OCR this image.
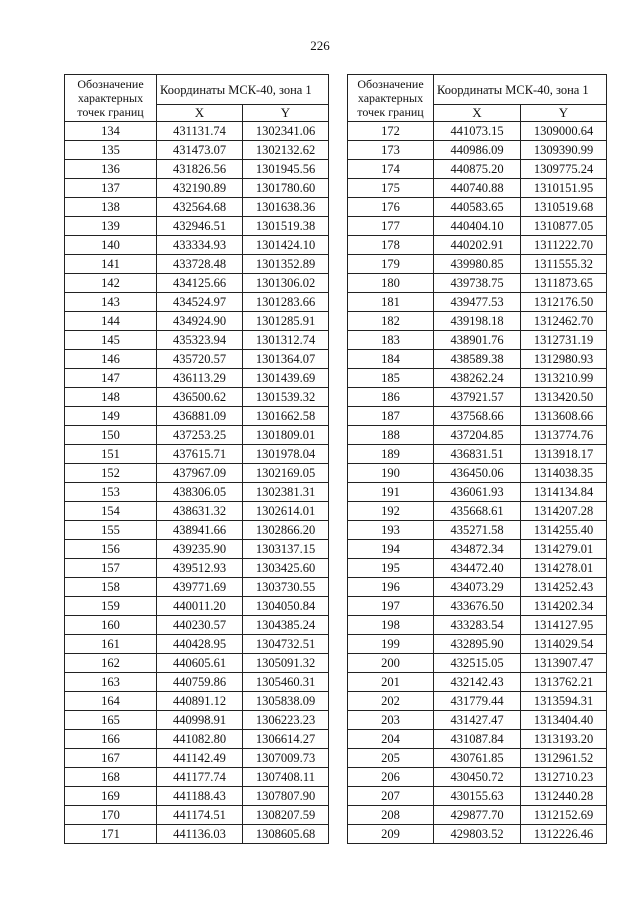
226
Обозначение характерных точек границ	Координаты МСК-40, зона 1	
	X	Y
134	431131.74	1302341.06
135	431473.07	1302132.62
136	431826.56	1301945.56
137	432190.89	1301780.60
138	432564.68	1301638.36
139	432946.51	1301519.38
140	433334.93	1301424.10
141	433728.48	1301352.89
142	434125.66	1301306.02
143	434524.97	1301283.66
144	434924.90	1301285.91
145	435323.94	1301312.74
146	435720.57	1301364.07
147	436113.29	1301439.69
148	436500.62	1301539.32
149	436881.09	1301662.58
150	437253.25	1301809.01
151	437615.71	1301978.04
152	437967.09	1302169.05
153	438306.05	1302381.31
154	438631.32	1302614.01
155	438941.66	1302866.20
156	439235.90	1303137.15
157	439512.93	1303425.60
158	439771.69	1303730.55
159	440011.20	1304050.84
160	440230.57	1304385.24
161	440428.95	1304732.51
162	440605.61	1305091.32
163	440759.86	1305460.31
164	440891.12	1305838.09
165	440998.91	1306223.23
166	441082.80	1306614.27
167	441142.49	1307009.73
168	441177.74	1307408.11
169	441188.43	1307807.90
170	441174.51	1308207.59
171	441136.03	1308605.68
Обозначение характерных точек границ	Координаты МСК-40, зона 1	
	X	Y
172	441073.15	1309000.64
173	440986.09	1309390.99
174	440875.20	1309775.24
175	440740.88	1310151.95
176	440583.65	1310519.68
177	440404.10	1310877.05
178	440202.91	1311222.70
179	439980.85	1311555.32
180	439738.75	1311873.65
181	439477.53	1312176.50
182	439198.18	1312462.70
183	438901.76	1312731.19
184	438589.38	1312980.93
185	438262.24	1313210.99
186	437921.57	1313420.50
187	437568.66	1313608.66
188	437204.85	1313774.76
189	436831.51	1313918.17
190	436450.06	1314038.35
191	436061.93	1314134.84
192	435668.61	1314207.28
193	435271.58	1314255.40
194	434872.34	1314279.01
195	434472.40	1314278.01
196	434073.29	1314252.43
197	433676.50	1314202.34
198	433283.54	1314127.95
199	432895.90	1314029.54
200	432515.05	1313907.47
201	432142.43	1313762.21
202	431779.44	1313594.31
203	431427.47	1313404.40
204	431087.84	1313193.20
205	430761.85	1312961.52
206	430450.72	1312710.23
207	430155.63	1312440.28
208	429877.70	1312152.69
209	429803.52	1312226.46
